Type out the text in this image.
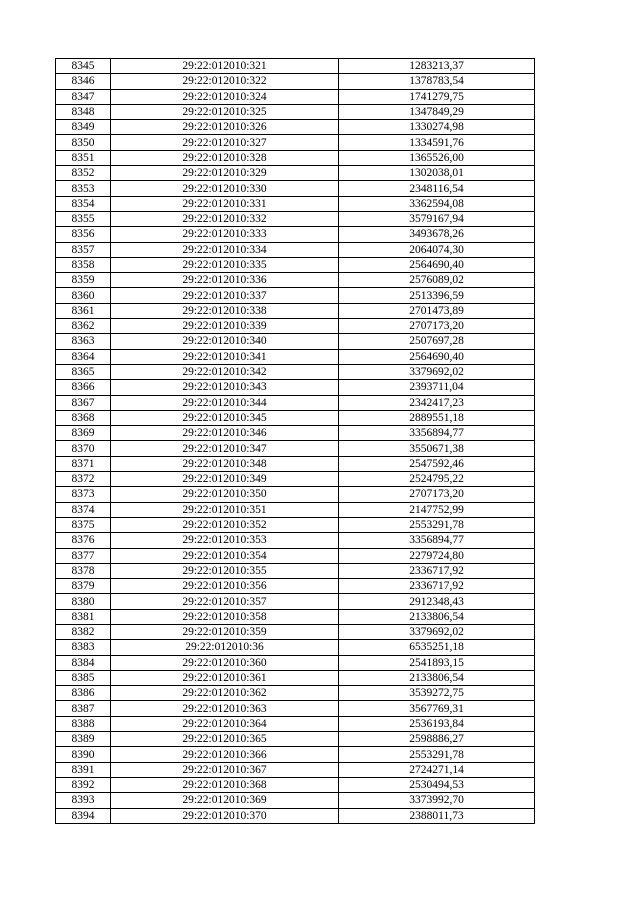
8345	29:22:012010:321	1283213,37
8346	29:22:012010:322	1378783,54
8347	29:22:012010:324	1741279,75
8348	29:22:012010:325	1347849,29
8349	29:22:012010:326	1330274,98
8350	29:22:012010:327	1334591,76
8351	29:22:012010:328	1365526,00
8352	29:22:012010:329	1302038,01
8353	29:22:012010:330	2348116,54
8354	29:22:012010:331	3362594,08
8355	29:22:012010:332	3579167,94
8356	29:22:012010:333	3493678,26
8357	29:22:012010:334	2064074,30
8358	29:22:012010:335	2564690,40
8359	29:22:012010:336	2576089,02
8360	29:22:012010:337	2513396,59
8361	29:22:012010:338	2701473,89
8362	29:22:012010:339	2707173,20
8363	29:22:012010:340	2507697,28
8364	29:22:012010:341	2564690,40
8365	29:22:012010:342	3379692,02
8366	29:22:012010:343	2393711,04
8367	29:22:012010:344	2342417,23
8368	29:22:012010:345	2889551,18
8369	29:22:012010:346	3356894,77
8370	29:22:012010:347	3550671,38
8371	29:22:012010:348	2547592,46
8372	29:22:012010:349	2524795,22
8373	29:22:012010:350	2707173,20
8374	29:22:012010:351	2147752,99
8375	29:22:012010:352	2553291,78
8376	29:22:012010:353	3356894,77
8377	29:22:012010:354	2279724,80
8378	29:22:012010:355	2336717,92
8379	29:22:012010:356	2336717,92
8380	29:22:012010:357	2912348,43
8381	29:22:012010:358	2133806,54
8382	29:22:012010:359	3379692,02
8383	29:22:012010:36	6535251,18
8384	29:22:012010:360	2541893,15
8385	29:22:012010:361	2133806,54
8386	29:22:012010:362	3539272,75
8387	29:22:012010:363	3567769,31
8388	29:22:012010:364	2536193,84
8389	29:22:012010:365	2598886,27
8390	29:22:012010:366	2553291,78
8391	29:22:012010:367	2724271,14
8392	29:22:012010:368	2530494,53
8393	29:22:012010:369	3373992,70
8394	29:22:012010:370	2388011,73
